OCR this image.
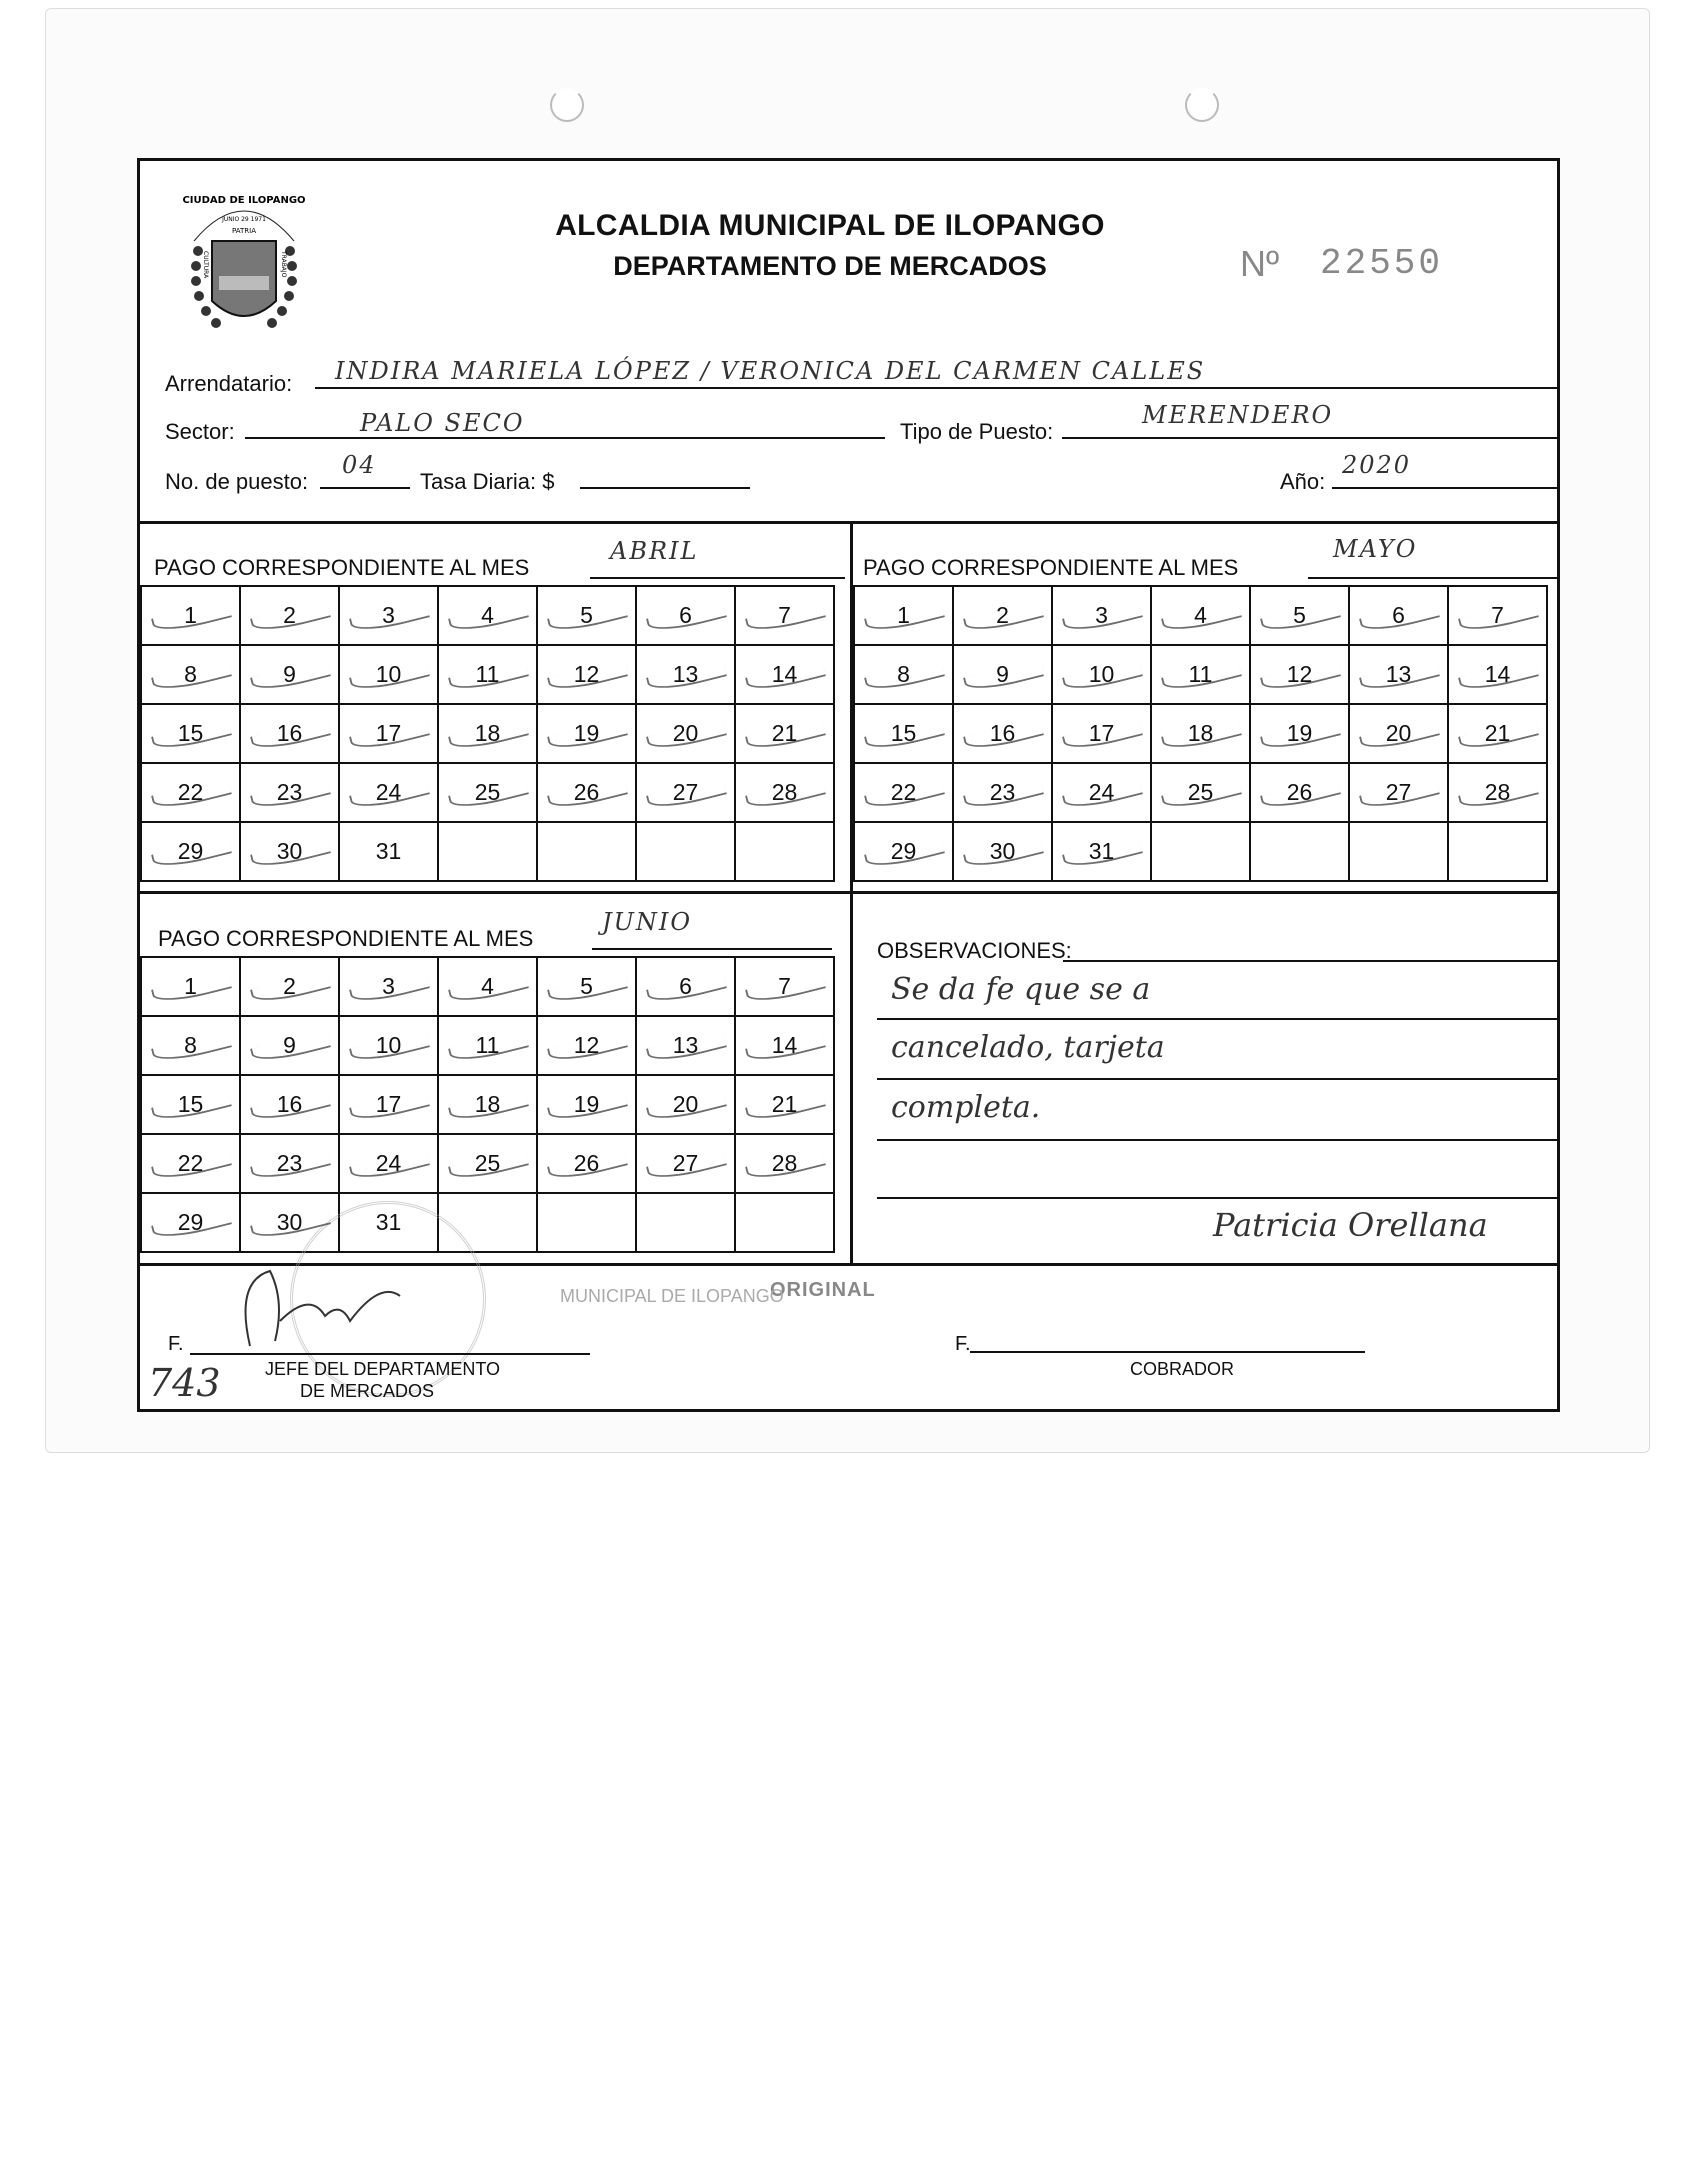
CIUDAD DE ILOPANGO
JUNIO 29 1971
PATRIA
CULTURA	TRABAJO
ALCALDIA MUNICIPAL DE ILOPANGO
DEPARTAMENTO DE MERCADOS	Nº 22550
Arrendatario: INDIRA MARIELA LÓPEZ / VERONICA DEL CARMEN CALLES
Sector:	PALO SECO	Tipo de Puesto:
MERENDERO
No. de puesto:
04
Tasa Diaria: $	Año:
2020
PAGO CORRESPONDIENTE AL MES
ABRIL
1	2	3	4	5	6	7
8	9	10	11	12	13	14
15	16	17	18	19	20	21
22	23	24	25	26	27	28
29	30	31				
PAGO CORRESPONDIENTE AL MES
MAYO
1	2	3	4	5	6	7
8	9	10	11	12	13	14
15	16	17	18	19	20	21
22	23	24	25	26	27	28
29	30	31				
PAGO CORRESPONDIENTE AL MES
JUNIO
1	2	3	4	5	6	7
8	9	10	11	12	13	14
15	16	17	18	19	20	21
22	23	24	25	26	27	28
29	30	31				
OBSERVACIONES:
Se da fe que se a
cancelado, tarjeta
completa.
Patricia Orellana
ORIGINAL
MUNICIPAL DE ILOPANGO
F.
JEFE DEL DEPARTAMENTO
DE MERCADOS
743
F.
COBRADOR
